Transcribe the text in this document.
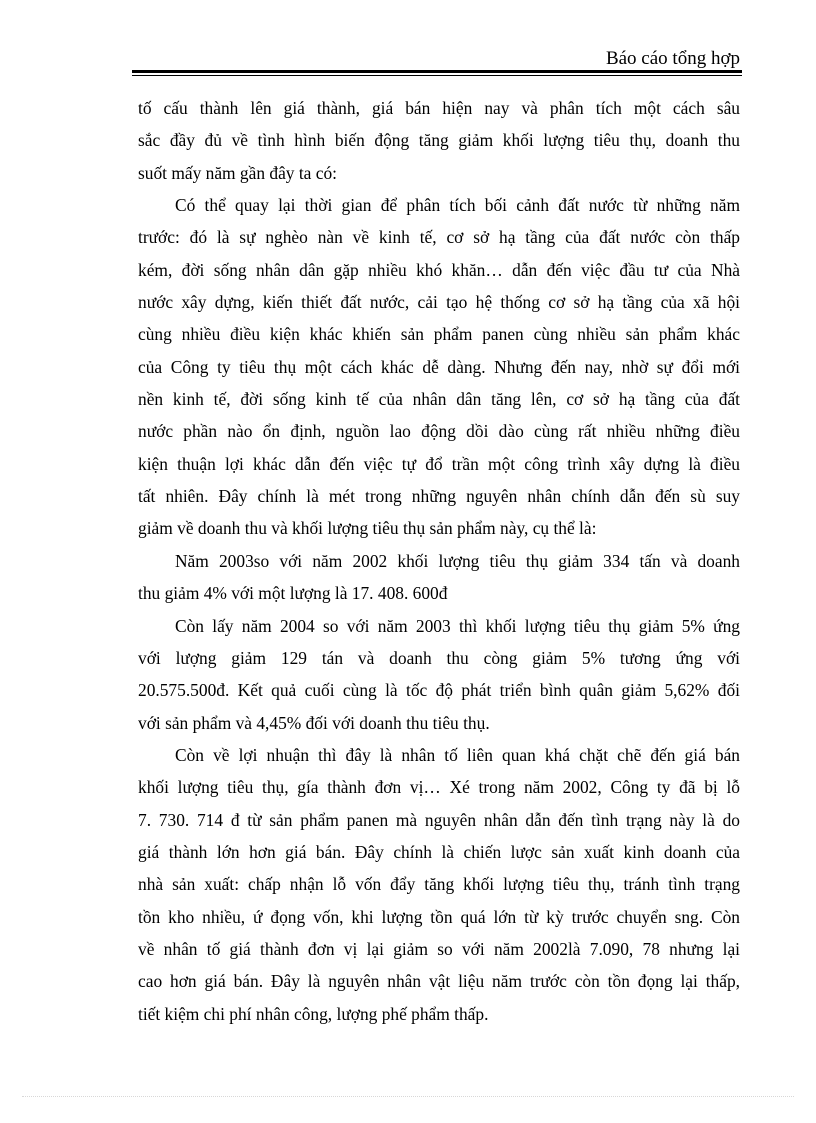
Báo cáo tổng hợp
tố cấu thành lên giá thành, giá bán hiện nay và phân tích một cách sâu
sắc đầy đủ về tình hình biến động tăng giảm khối lượng tiêu thụ, doanh thu
suốt mấy năm gần đây ta có:
Có thể quay lại thời gian để phân tích bối cảnh đất nước từ những năm
trước: đó là sự nghèo nàn về kinh tế, cơ sở hạ tầng của đất nước còn thấp
kém, đời sống nhân dân gặp nhiều khó khăn… dẫn đến việc đầu tư của Nhà
nước xây dựng, kiến thiết đất nước, cải tạo hệ thống cơ sở hạ tầng của xã hội
cùng nhiều điều kiện khác khiến sản phẩm panen cùng nhiều sản phẩm khác
của Công ty tiêu thụ một cách khác dễ dàng. Nhưng đến nay, nhờ sự đổi mới
nền kinh tế, đời sống kinh tế của nhân dân tăng lên, cơ sở hạ tầng của đất
nước phần nào ổn định, nguồn lao động dồi dào cùng rất nhiều những điều
kiện thuận lợi khác dẫn đến việc tự đổ trần một công trình xây dựng là điều
tất nhiên. Đây chính là mét trong những nguyên nhân chính dẫn đến sù suy
giảm về doanh thu và khối lượng tiêu thụ sản phẩm này, cụ thể là:
Năm 2003so với năm 2002 khối lượng tiêu thụ giảm 334 tấn và doanh
thu giảm 4% với một lượng là 17. 408. 600đ
Còn lấy năm 2004 so với năm 2003 thì khối lượng tiêu thụ giảm 5% ứng
với lượng giảm 129 tán và doanh thu còng giảm 5% tương ứng với
20.575.500đ. Kết quả cuối cùng là tốc độ phát triển bình quân giảm 5,62% đối
với sản phẩm và 4,45% đối với doanh thu tiêu thụ.
Còn về lợi nhuận thì đây là nhân tố liên quan khá chặt chẽ đến giá bán
khối lượng tiêu thụ, gía thành đơn vị… Xé trong năm 2002, Công ty đã bị lỗ
7. 730. 714 đ từ sản phẩm panen mà nguyên nhân dẫn đến tình trạng này là do
giá thành lớn hơn giá bán. Đây chính là chiến lược sản xuất kinh doanh của
nhà sản xuất: chấp nhận lỗ vốn đẩy tăng khối lượng tiêu thụ, tránh tình trạng
tồn kho nhiều, ứ đọng vốn, khi lượng tồn quá lớn từ kỳ trước chuyển sng. Còn
về nhân tố giá thành đơn vị lại giảm so với năm 2002là 7.090, 78 nhưng lại
cao hơn giá bán. Đây là nguyên nhân vật liệu năm trước còn tồn đọng lại thấp,
tiết kiệm chi phí nhân công, lượng phế phẩm thấp.
